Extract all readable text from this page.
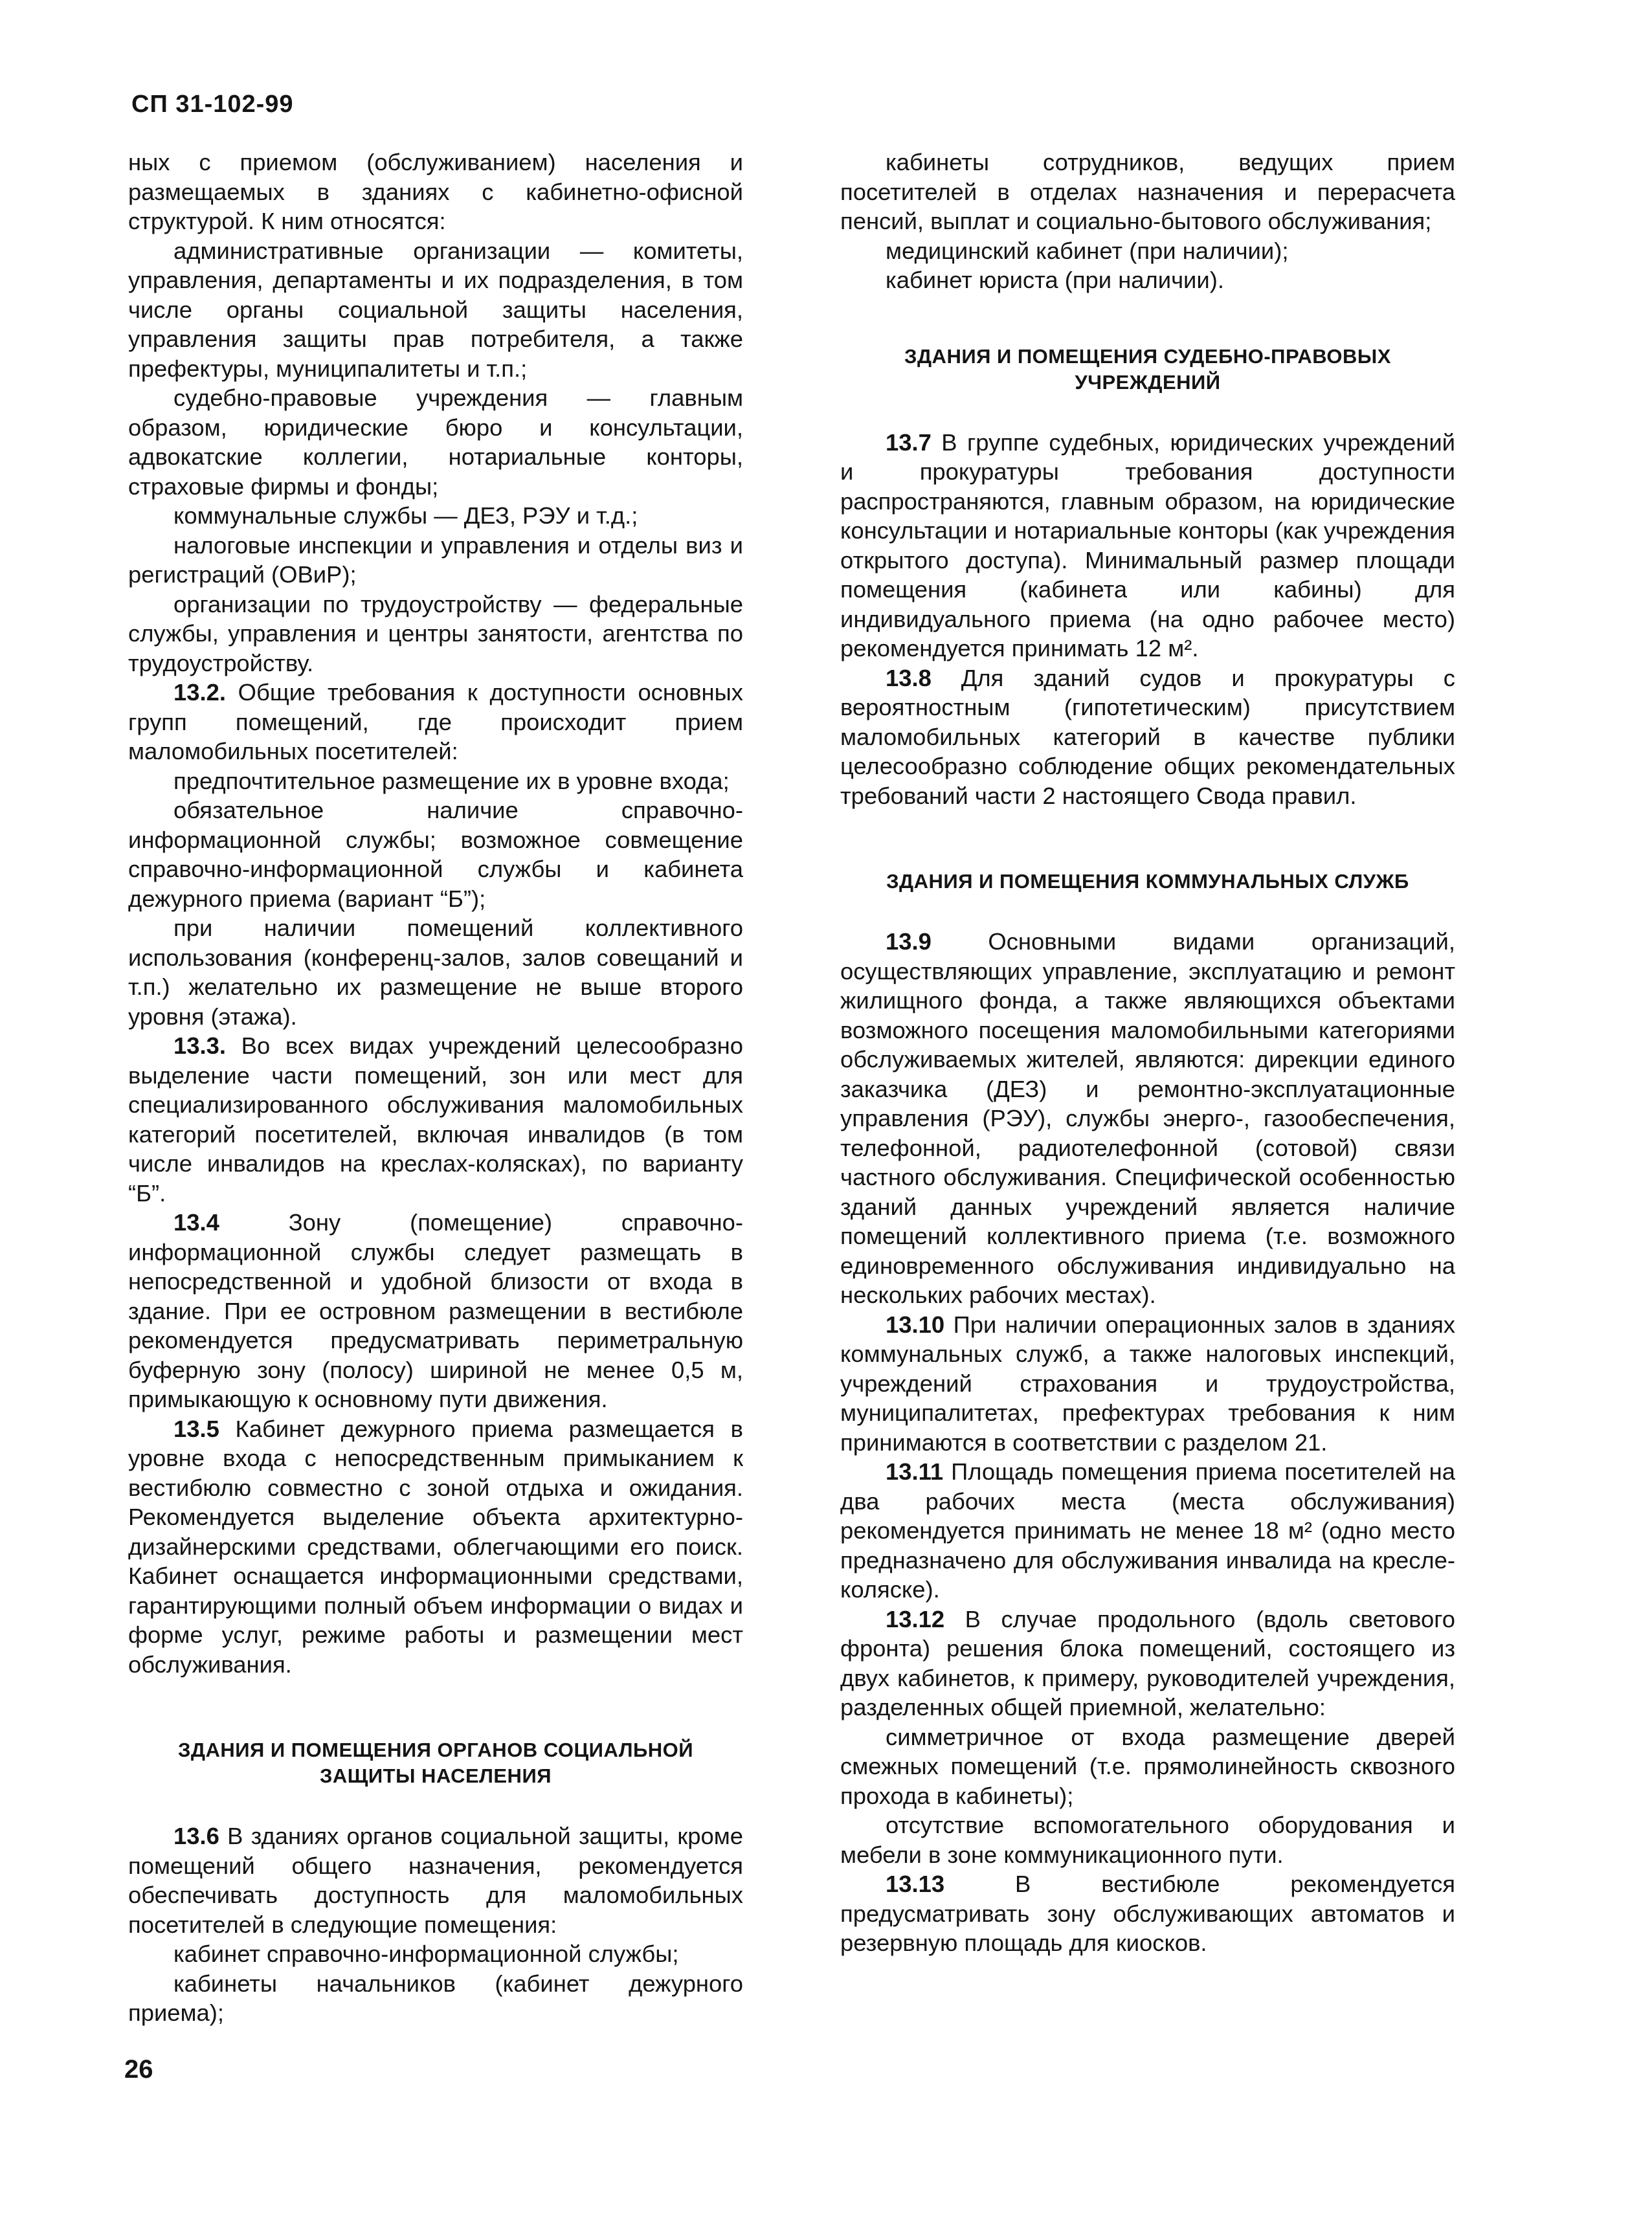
СП 31-102-99

ных с приемом (обслуживанием) населения и размещаемых в зданиях с кабинетно-офисной структурой. К ним относятся:

административные организации — комитеты, управления, департаменты и их подразделения, в том числе органы социальной защиты населения, управления защиты прав потребителя, а также префектуры, муниципалитеты и т.п.;

судебно-правовые учреждения — главным образом, юридические бюро и консультации, адвокатские коллегии, нотариальные конторы, страховые фирмы и фонды;

коммунальные службы — ДЕЗ, РЭУ и т.д.;

налоговые инспекции и управления и отделы виз и регистраций (ОВиР);

организации по трудоустройству — федеральные службы, управления и центры занятости, агентства по трудоустройству.

13.2. Общие требования к доступности основных групп помещений, где происходит прием маломобильных посетителей:

предпочтительное размещение их в уровне входа;

обязательное наличие справочно-информационной службы; возможное совмещение справочно-информационной службы и кабинета дежурного приема (вариант “Б”);

при наличии помещений коллективного использования (конференц-залов, залов совещаний и т.п.) желательно их размещение не выше второго уровня (этажа).

13.3. Во всех видах учреждений целесообразно выделение части помещений, зон или мест для специализированного обслуживания маломобильных категорий посетителей, включая инвалидов (в том числе инвалидов на креслах-колясках), по варианту “Б”.

13.4 Зону (помещение) справочно-информационной службы следует размещать в непосредственной и удобной близости от входа в здание. При ее островном размещении в вестибюле рекомендуется предусматривать периметральную буферную зону (полосу) шириной не менее 0,5 м, примыкающую к основному пути движения.

13.5 Кабинет дежурного приема размещается в уровне входа с непосредственным примыканием к вестибюлю совместно с зоной отдыха и ожидания. Рекомендуется выделение объекта архитектурно-дизайнерскими средствами, облегчающими его поиск. Кабинет оснащается информационными средствами, гарантирующими полный объем информации о видах и форме услуг, режиме работы и размещении мест обслуживания.

ЗДАНИЯ И ПОМЕЩЕНИЯ ОРГАНОВ СОЦИАЛЬНОЙ ЗАЩИТЫ НАСЕЛЕНИЯ

13.6 В зданиях органов социальной защиты, кроме помещений общего назначения, рекомендуется обеспечивать доступность для маломобильных посетителей в следующие помещения:

кабинет справочно-информационной службы;

кабинеты начальников (кабинет дежурного приема);

кабинеты сотрудников, ведущих прием посетителей в отделах назначения и перерасчета пенсий, выплат и социально-бытового обслуживания;

медицинский кабинет (при наличии);

кабинет юриста (при наличии).

ЗДАНИЯ И ПОМЕЩЕНИЯ СУДЕБНО-ПРАВОВЫХ УЧРЕЖДЕНИЙ

13.7 В группе судебных, юридических учреждений и прокуратуры требования доступности распространяются, главным образом, на юридические консультации и нотариальные конторы (как учреждения открытого доступа). Минимальный размер площади помещения (кабинета или кабины) для индивидуального приема (на одно рабочее место) рекомендуется принимать 12 м².

13.8 Для зданий судов и прокуратуры с вероятностным (гипотетическим) присутствием маломобильных категорий в качестве публики целесообразно соблюдение общих рекомендательных требований части 2 настоящего Свода правил.

ЗДАНИЯ И ПОМЕЩЕНИЯ КОММУНАЛЬНЫХ СЛУЖБ

13.9 Основными видами организаций, осуществляющих управление, эксплуатацию и ремонт жилищного фонда, а также являющихся объектами возможного посещения маломобильными категориями обслуживаемых жителей, являются: дирекции единого заказчика (ДЕЗ) и ремонтно-эксплуатационные управления (РЭУ), службы энерго-, газообеспечения, телефонной, радиотелефонной (сотовой) связи частного обслуживания. Специфической особенностью зданий данных учреждений является наличие помещений коллективного приема (т.е. возможного единовременного обслуживания индивидуально на нескольких рабочих местах).

13.10 При наличии операционных залов в зданиях коммунальных служб, а также налоговых инспекций, учреждений страхования и трудоустройства, муниципалитетах, префектурах требования к ним принимаются в соответствии с разделом 21.

13.11 Площадь помещения приема посетителей на два рабочих места (места обслуживания) рекомендуется принимать не менее 18 м² (одно место предназначено для обслуживания инвалида на кресле-коляске).

13.12 В случае продольного (вдоль светового фронта) решения блока помещений, состоящего из двух кабинетов, к примеру, руководителей учреждения, разделенных общей приемной, желательно:

симметричное от входа размещение дверей смежных помещений (т.е. прямолинейность сквозного прохода в кабинеты);

отсутствие вспомогательного оборудования и мебели в зоне коммуникационного пути.

13.13 В вестибюле рекомендуется предусматривать зону обслуживающих автоматов и резервную площадь для киосков.

26
